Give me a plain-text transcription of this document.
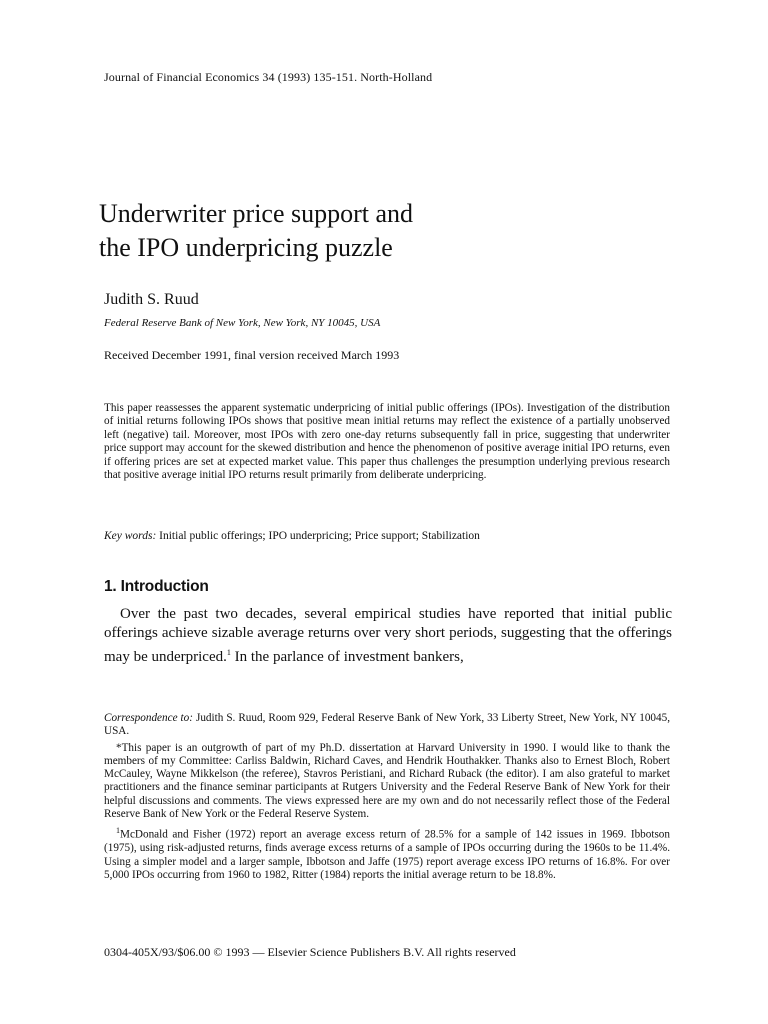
Journal of Financial Economics 34 (1993) 135-151. North-Holland
Underwriter price support and
the IPO underpricing puzzle
Judith S. Ruud
Federal Reserve Bank of New York, New York, NY 10045, USA
Received December 1991, final version received March 1993

This paper reassesses the apparent systematic underpricing of initial public offerings (IPOs). Investigation of the distribution of initial returns following IPOs shows that positive mean initial returns may reflect the existence of a partially unobserved left (negative) tail. Moreover, most IPOs with zero one-day returns subsequently fall in price, suggesting that underwriter price support may account for the skewed distribution and hence the phenomenon of positive average initial IPO returns, even if offering prices are set at expected market value. This paper thus challenges the presumption underlying previous research that positive average initial IPO returns result primarily from deliberate underpricing.

Key words: Initial public offerings; IPO underpricing; Price support; Stabilization
1. Introduction

Over the past two decades, several empirical studies have reported that initial public offerings achieve sizable average returns over very short periods, suggesting that the offerings may be underpriced.$^1$ In the parlance of investment bankers,

Correspondence to: Judith S. Ruud, Room 929, Federal Reserve Bank of New York, 33 Liberty Street, New York, NY 10045, USA.

*This paper is an outgrowth of part of my Ph.D. dissertation at Harvard University in 1990. I would like to thank the members of my Committee: Carliss Baldwin, Richard Caves, and Hendrik Houthakker. Thanks also to Ernest Bloch, Robert McCauley, Wayne Mikkelson (the referee), Stavros Peristiani, and Richard Ruback (the editor). I am also grateful to market practitioners and the finance seminar participants at Rutgers University and the Federal Reserve Bank of New York for their helpful discussions and comments. The views expressed here are my own and do not necessarily reflect those of the Federal Reserve Bank of New York or the Federal Reserve System.

$^1$McDonald and Fisher (1972) report an average excess return of 28.5% for a sample of 142 issues in 1969. Ibbotson (1975), using risk-adjusted returns, finds average excess returns of a sample of IPOs occurring during the 1960s to be 11.4%. Using a simpler model and a larger sample, Ibbotson and Jaffe (1975) report average excess IPO returns of 16.8%. For over 5,000 IPOs occurring from 1960 to 1982, Ritter (1984) reports the initial average return to be 18.8%.

0304-405X/93/$06.00 © 1993 — Elsevier Science Publishers B.V. All rights reserved
